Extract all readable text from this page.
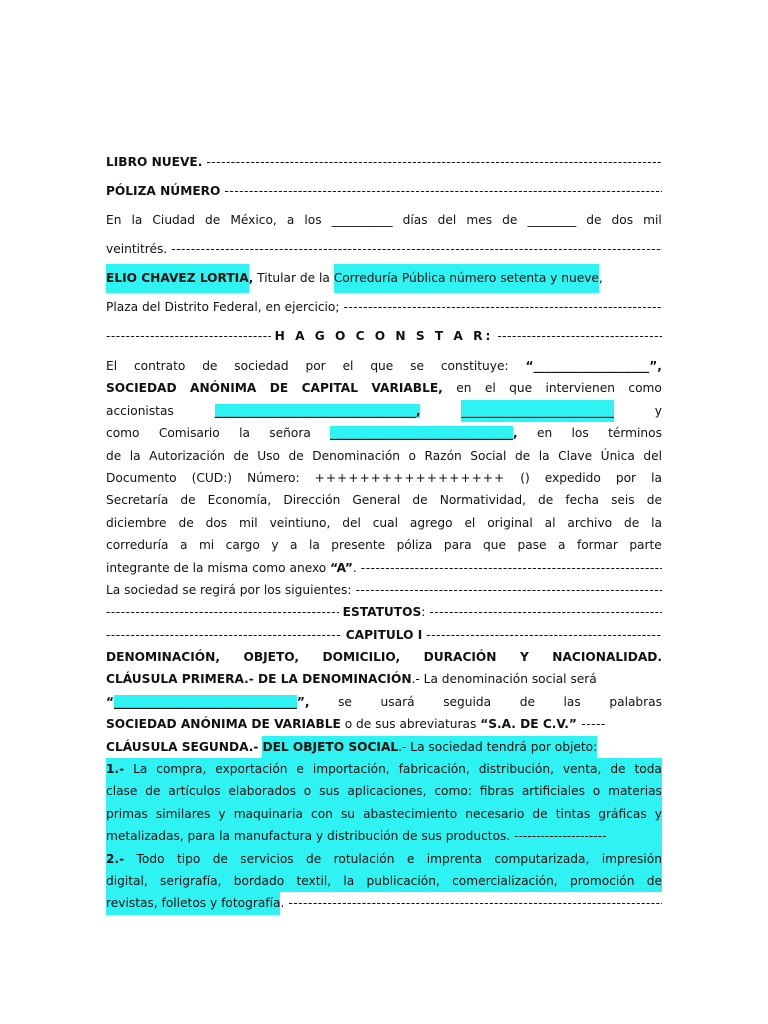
LIBRO NUEVE.
-----
PÓLIZA NÚMERO
-----
En la Ciudad de México, a los __________ días del mes de ________ de dos mil
veintitrés.
-----
ELIO CHAVEZ LORTIA , Titular de la Correduría Pública número setenta y nueve ,
Plaza del Distrito Federal, en ejercicio;
-----
-----
H A G O C O N S T A R:
-----
El contrato de sociedad por el que se constituye: “___________________”,
SOCIEDAD ANÓNIMA DE CAPITAL VARIABLE, en el que intervienen como
accionistas	_________________________________,	_________________________	y
como Comisario la señora ______________________________, en los términos
de la Autorización de Uso de Denominación o Razón Social de la Clave Única del
Documento (CUD:) Número: +++++++++++++++++ () expedido por la
Secretaría de Economía, Dirección General de Normatividad, de fecha seis de
diciembre de dos mil veintiuno, del cual agrego el original al archivo de la
correduría a mi cargo y a la presente póliza para que pase a formar parte
integrante de la misma como anexo “A” .
-----
La sociedad se regirá por los siguientes:
-----
-----
ESTATUTOS:
-----
-----
CAPITULO I
-----
DENOMINACIÓN, OBJETO, DOMICILIO, DURACIÓN Y NACIONALIDAD.
CLÁUSULA PRIMERA.- DE LA DENOMINACIÓN .- La denominación social será
“______________________________”, se usará seguida de las palabras
SOCIEDAD ANÓNIMA DE VARIABLE o de sus abreviaturas “S.A. DE C.V.” -----
CLÁUSULA SEGUNDA.- DEL OBJETO SOCIAL.- La sociedad tendrá por objeto:
1.- La compra, exportación e importación, fabricación, distribución, venta, de toda
clase de artículos elaborados o sus aplicaciones, como: fibras artificiales o materias
primas similares y maquinaria con su abastecimiento necesario de tintas gráficas y
metalizadas, para la manufactura y distribución de sus productos. ---------------------
2.- Todo tipo de servicios de rotulación e imprenta computarizada, impresión
digital, serigrafía, bordado textil, la publicación, comercialización, promoción de
revistas, folletos y fotografía .
-----
